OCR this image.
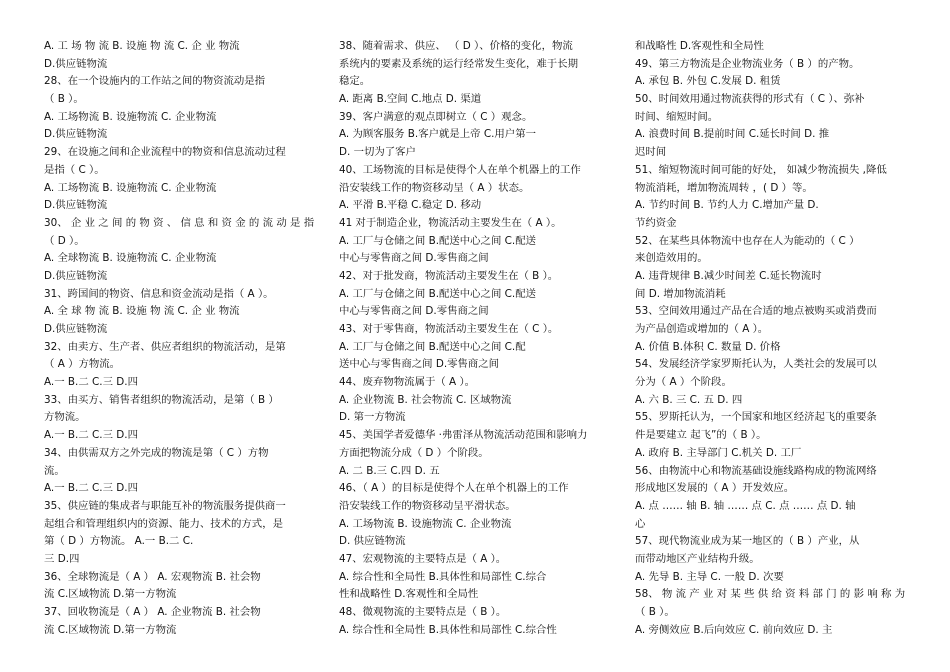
A. 工 场 物 流 B. 设施 物 流 C. 企 业 物流
D.供应链物流
28、在一个设施内的工作站之间的物资流动是指
（ B ）。
A. 工场物流 B. 设施物流 C. 企业物流
D.供应链物流
29、在设施之间和企业流程中的物资和信息流动过程
是指（ C ）。
A. 工场物流 B. 设施物流 C. 企业物流
D.供应链物流
30、 企 业 之 间 的 物 资 、 信 息 和 资 金 的 流 动 是 指
（ D ）。
A. 全球物流 B. 设施物流 C. 企业物流
D.供应链物流
31、跨国间的物资、信息和资金流动是指（ A ）。
A. 全 球 物 流 B. 设施 物 流 C. 企 业 物流
D.供应链物流
32、由卖方、生产者、供应者组织的物流活动，是第
（ A ）方物流。
A.一 B.二 C.三 D.四
33、由买方、销售者组织的物流活动，是第（ B ）
方物流。
A.一 B.二 C.三 D.四
34、由供需双方之外完成的物流是第（ C ）方物
流。
A.一 B.二 C.三 D.四
35、供应链的集成者与职能互补的物流服务提供商一
起组合和管理组织内的资源、能力、技术的方式，是
第（ D ）方物流。 A.一 B.二 C.
三 D.四
36、全球物流是（ A ） A. 宏观物流 B. 社会物
流 C.区域物流 D.第一方物流
37、回收物流是（ A ） A. 企业物流 B. 社会物
流 C.区域物流 D.第一方物流
38、随着需求、供应、 （ D ）、价格的变化，物流
系统内的要素及系统的运行经常发生变化，难于长期
稳定。
A. 距离 B.空间 C.地点 D. 渠道
39、客户满意的观点即树立（ C ）观念。
A. 为顾客服务 B.客户就是上帝 C.用户第一
D. 一切为了客户
40、工场物流的目标是使得个人在单个机器上的工作
沿安装线工作的物资移动呈（ A ）状态。
A. 平滑 B.平稳 C.稳定 D. 移动
41 对于制造企业，物流活动主要发生在（ A ）。
A. 工厂与仓储之间 B.配送中心之间 C.配送
中心与零售商之间 D.零售商之间
42、对于批发商，物流活动主要发生在（ B ）。
A. 工厂与仓储之间 B.配送中心之间 C.配送
中心与零售商之间 D.零售商之间
43、对于零售商，物流活动主要发生在（ C ）。
A. 工厂与仓储之间 B.配送中心之间 C.配
送中心与零售商之间 D.零售商之间
44、废弃物物流属于（ A ）。
A. 企业物流 B. 社会物流 C. 区域物流
D. 第一方物流
45、美国学者爱德华 ·弗雷泽从物流活动范围和影响力
方面把物流分成（ D ）个阶段。
A. 二 B.三 C.四 D. 五
46、（ A ）的目标是使得个人在单个机器上的工作
沿安装线工作的物资移动呈平滑状态。
A. 工场物流 B. 设施物流 C. 企业物流
D. 供应链物流
47、宏观物流的主要特点是（ A ）。
A. 综合性和全局性 B.具体性和局部性 C.综合
性和战略性 D.客观性和全局性
48、微观物流的主要特点是（ B ）。
A. 综合性和全局性 B.具体性和局部性 C.综合性
和战略性 D.客观性和全局性
49、第三方物流是企业物流业务（ B ）的产物。
A. 承包 B. 外包 C.发展 D. 租赁
50、时间效用通过物流获得的形式有（ C ）、弥补
时间、缩短时间。
A. 浪费时间 B.提前时间 C.延长时间 D. 推
迟时间
51、缩短物流时间可能的好处， 如减少物流损失 ,降低
物流消耗，增加物流周转 ，( D ）等。
A. 节约时间 B. 节约人力 C.增加产量 D.
节约资金
52、在某些具体物流中也存在人为能动的（ C ）
来创造效用的。
A. 违背规律 B.减少时间差 C.延长物流时
间 D. 增加物流消耗
53、空间效用通过产品在合适的地点被购买或消费而
为产品创造或增加的（ A ）。
A. 价值 B.体积 C. 数量 D. 价格
54、发展经济学家罗斯托认为，人类社会的发展可以
分为（ A ）个阶段。
A. 六 B. 三 C. 五 D. 四
55、罗斯托认为，一个国家和地区经济起飞的重要条
件是要建立 起飞”的（ B ）。
A. 政府 B. 主导部门 C.机关 D. 工厂
56、由物流中心和物流基础设施线路构成的物流网络
形成地区发展的（ A ）开发效应。
A. 点 …… 轴 B. 轴 …… 点 C. 点 …… 点 D. 轴
心
57、现代物流业成为某一地区的（ B ）产业，从
而带动地区产业结构升级。
A. 先导 B. 主导 C. 一般 D. 次要
58、 物 流 产 业 对 某 些 供 给 资 料 部 门 的 影 响 称 为
（ B ）。
A. 旁侧效应 B.后向效应 C. 前向效应 D. 主
